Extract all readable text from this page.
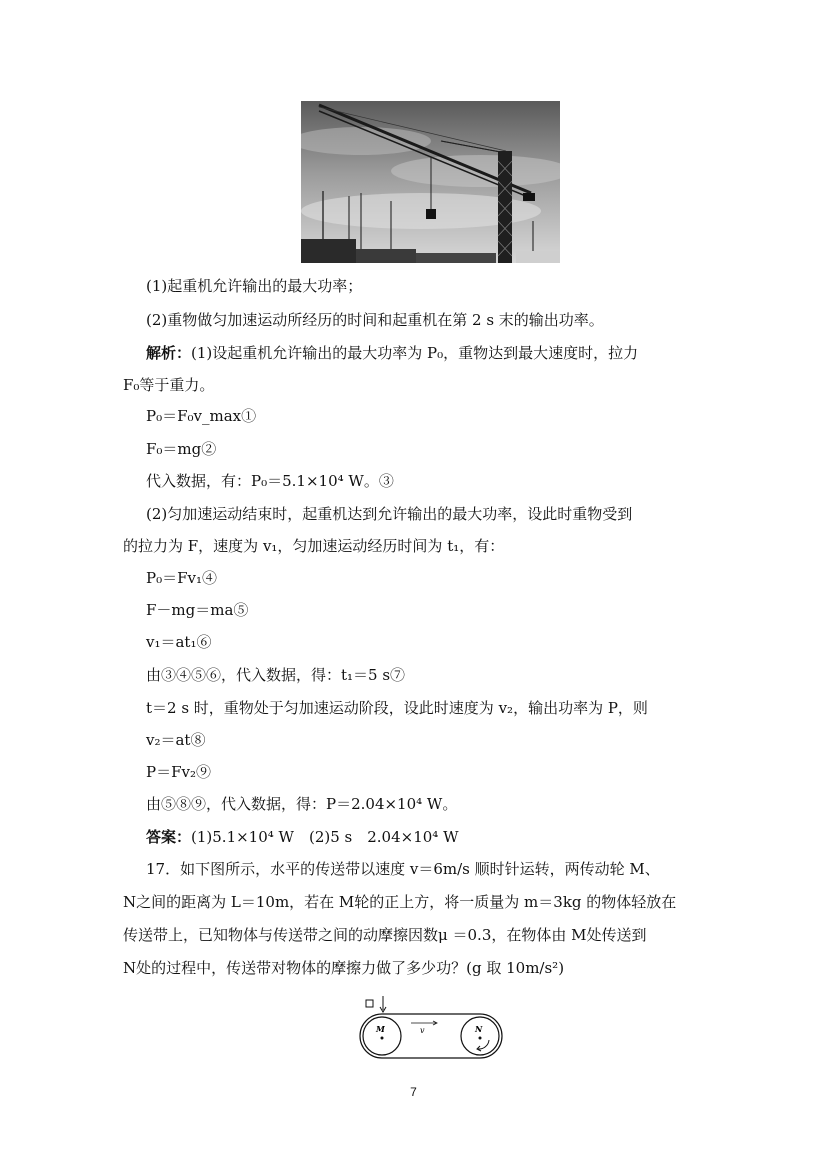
(1)起重机允许输出的最大功率；
(2)重物做匀加速运动所经历的时间和起重机在第 2 s 末的输出功率。
解析：(1)设起重机允许输出的最大功率为 P₀，重物达到最大速度时，拉力
F₀等于重力。
P₀＝F₀v_max①
F₀＝mg②
代入数据，有：P₀＝5.1×10⁴ W。③
(2)匀加速运动结束时，起重机达到允许输出的最大功率，设此时重物受到
的拉力为 F，速度为 v₁，匀加速运动经历时间为 t₁，有：
P₀＝Fv₁④
F－mg＝ma⑤
v₁＝at₁⑥
由③④⑤⑥，代入数据，得：t₁＝5 s⑦
t＝2 s 时，重物处于匀加速运动阶段，设此时速度为 v₂，输出功率为 P，则
v₂＝at⑧
P＝Fv₂⑨
由⑤⑧⑨，代入数据，得：P＝2.04×10⁴ W。
答案：(1)5.1×10⁴ W　(2)5 s　2.04×10⁴ W
17．如下图所示，水平的传送带以速度 v＝6m/s 顺时针运转，两传动轮 M、
N之间的距离为 L＝10m，若在 M轮的正上方，将一质量为 m＝3kg 的物体轻放在
传送带上，已知物体与传送带之间的动摩擦因数μ ＝0.3，在物体由 M处传送到
N处的过程中，传送带对物体的摩擦力做了多少功？(g 取 10m/s²)
M	N
v
7
